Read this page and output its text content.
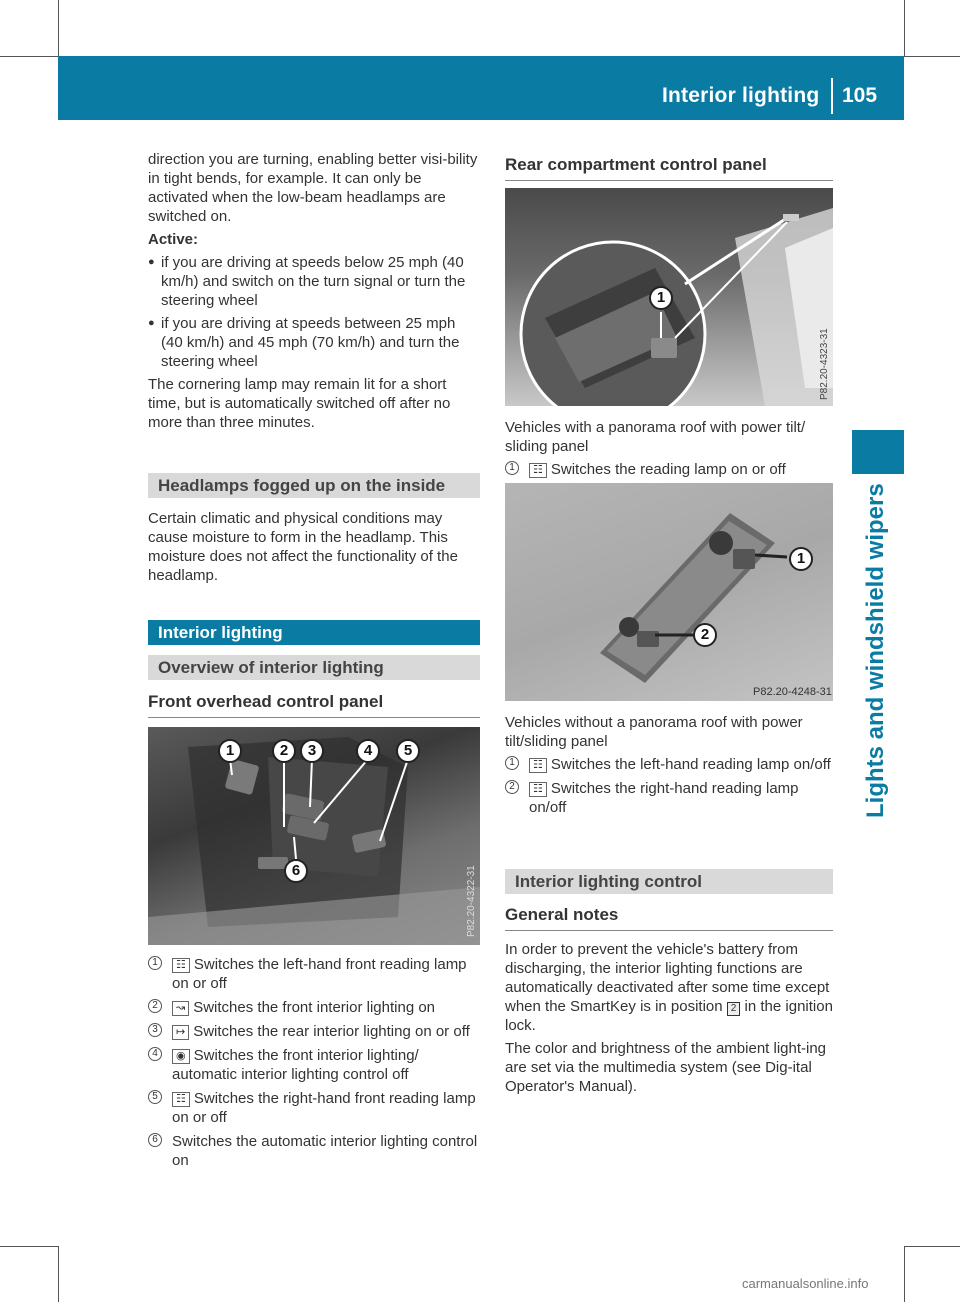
Interior lighting 105
Lights and windshield wipers

direction you are turning, enabling better visi-bility in tight bends, for example. It can only be activated when the low-beam headlamps are switched on.

Active:

● if you are driving at speeds below 25 mph (40 km/h) and switch on the turn signal or turn the steering wheel
● if you are driving at speeds between 25 mph (40 km/h) and 45 mph (70 km/h) and turn the steering wheel

The cornering lamp may remain lit for a short time, but is automatically switched off after no more than three minutes.

Headlamps fogged up on the inside

Certain climatic and physical conditions may cause moisture to form in the headlamp. This moisture does not affect the functionality of the headlamp.

Interior lighting
Overview of interior lighting
Front overhead control panel
1	2	3	4	5
6	P82.20-4322-31
1	☷ Switches the left-hand front reading lamp on or off
2	↝ Switches the front interior lighting on
3	↦ Switches the rear interior lighting on or off
4	◉ Switches the front interior lighting/ automatic interior lighting control off
5	☷ Switches the right-hand front reading lamp on or off
6 Switches the automatic interior lighting control on
Rear compartment control panel
1
P82.20-4323-31

Vehicles with a panorama roof with power tilt/ sliding panel

1	☷ Switches the reading lamp on or off
1
2
P82.20-4248-31

Vehicles without a panorama roof with power tilt/sliding panel

1	☷ Switches the left-hand reading lamp on/off
2	☷ Switches the right-hand reading lamp on/off
Interior lighting control
General notes

In order to prevent the vehicle's battery from discharging, the interior lighting functions are automatically deactivated after some time except when the SmartKey is in position 2 in the ignition lock.

The color and brightness of the ambient light-ing are set via the multimedia system (see Dig-ital Operator's Manual).

carmanualsonline.info
